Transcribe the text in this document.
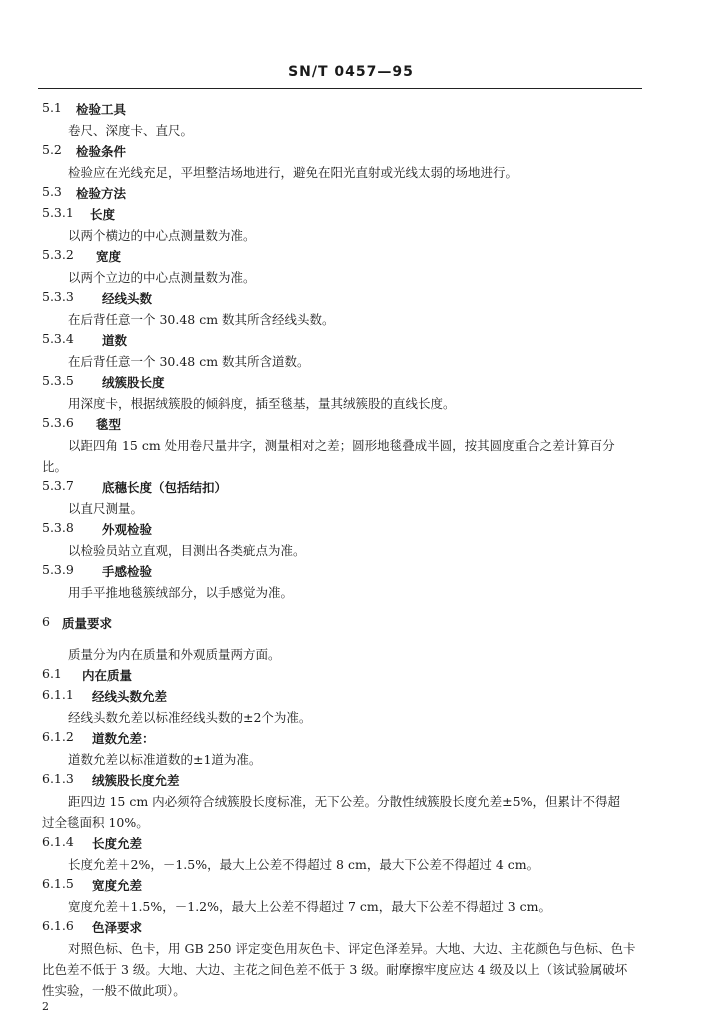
SN/T 0457—95
5.1 检验工具
卷尺、深度卡、直尺。
5.2 检验条件
检验应在光线充足，平坦整洁场地进行，避免在阳光直射或光线太弱的场地进行。
5.3 检验方法
5.3.1 长度
以两个横边的中心点测量数为准。
5.3.2 宽度
以两个立边的中心点测量数为准。
5.3.3 经线头数
在后背任意一个 30.48 cm 数其所含经线头数。
5.3.4 道数
在后背任意一个 30.48 cm 数其所含道数。
5.3.5 绒簇股长度
用深度卡，根据绒簇股的倾斜度，插至毯基，量其绒簇股的直线长度。
5.3.6 毯型
以距四角 15 cm 处用卷尺量井字，测量相对之差；圆形地毯叠成半圆，按其圆度重合之差计算百分
比。
5.3.7 底穗长度（包括结扣）
以直尺测量。
5.3.8 外观检验
以检验员站立直观，目测出各类疵点为准。
5.3.9 手感检验
用手平推地毯簇绒部分，以手感觉为准。
6 质量要求
质量分为内在质量和外观质量两方面。
6.1 内在质量
6.1.1 经线头数允差
经线头数允差以标准经线头数的±2个为准。
6.1.2 道数允差：
道数允差以标准道数的±1道为准。
6.1.3 绒簇股长度允差
距四边 15 cm 内必须符合绒簇股长度标准，无下公差。分散性绒簇股长度允差±5%，但累计不得超
过全毯面积 10%。
6.1.4 长度允差
长度允差＋2%，－1.5%，最大上公差不得超过 8 cm，最大下公差不得超过 4 cm。
6.1.5 宽度允差
宽度允差＋1.5%，－1.2%，最大上公差不得超过 7 cm，最大下公差不得超过 3 cm。
6.1.6 色泽要求
对照色标、色卡，用 GB 250 评定变色用灰色卡、评定色泽差异。大地、大边、主花颜色与色标、色卡
比色差不低于 3 级。大地、大边、主花之间色差不低于 3 级。耐摩擦牢度应达 4 级及以上（该试验属破坏
性实验，一般不做此项）。
2
